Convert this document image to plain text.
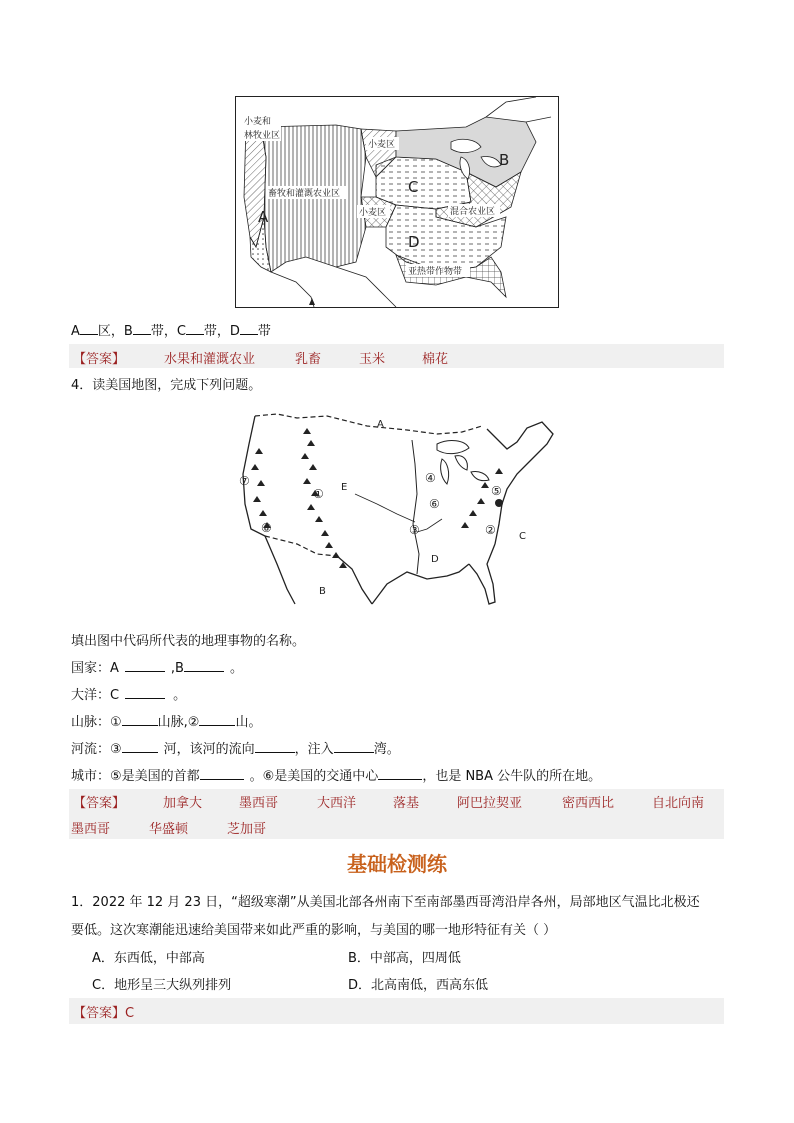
小麦和
林牧业区
小麦区
畜牧和灌溉农业区
小麦区	混合农业区
亚热带作物带
A
B
C
D
A 区，B 带，C 带，D 带
【答案】	水果和灌溉农业	乳畜	玉米	棉花
4．读美国地图，完成下列问题。
A
B
C
D
E
①
②
③
④
⑤
⑥
⑦
⑧
填出图中代码所代表的地理事物的名称。
国家：A	,B	。
大洋：C	。
山脉：①	山脉,②	山。
河流：③	河，该河的流向	，注入	湾。
城市：⑤是美国的首都	。⑥是美国的交通中心	，也是 NBA 公牛队的所在地。
【答案】	加拿大	墨西哥	大西洋	落基	阿巴拉契亚	密西西比	自北向南
墨西哥	华盛顿	芝加哥
基础检测练
1．2022 年 12 月 23 日，“超级寒潮”从美国北部各州南下至南部墨西哥湾沿岸各州，局部地区气温比北极还
要低。这次寒潮能迅速给美国带来如此严重的影响，与美国的哪一地形特征有关（ ）
A．东西低，中部高	B．中部高，四周低
C．地形呈三大纵列排列	D．北高南低，西高东低
【答案】C
